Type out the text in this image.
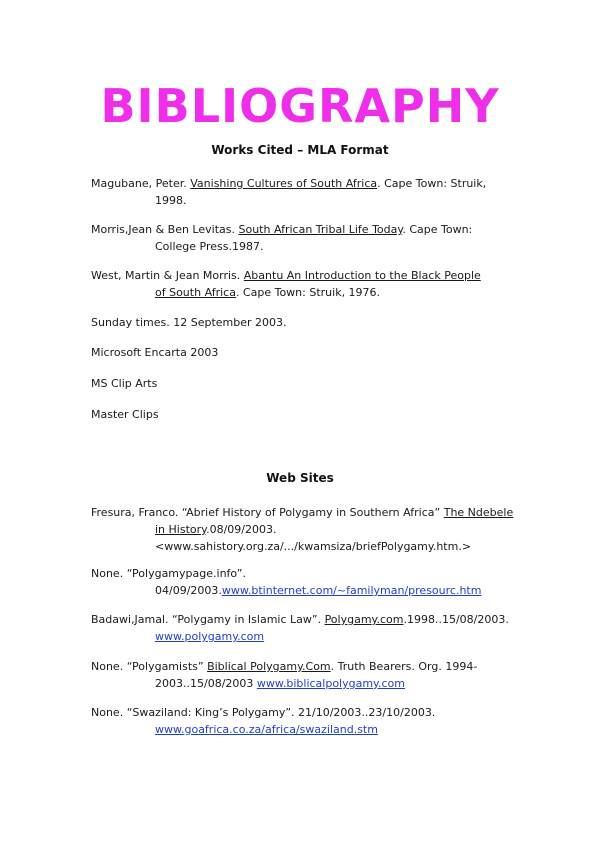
BIBLIOGRAPHY
Works Cited – MLA Format
Magubane, Peter. Vanishing Cultures of South Africa. Cape Town: Struik,
1998.
Morris,Jean & Ben Levitas. South African Tribal Life Today. Cape Town:
College Press.1987.
West, Martin & Jean Morris. Abantu An Introduction to the Black People
of South Africa. Cape Town: Struik, 1976.
Sunday times. 12 September 2003.
Microsoft Encarta 2003
MS Clip Arts
Master Clips
Web Sites
Fresura, Franco. “Abrief History of Polygamy in Southern Africa” The Ndebele
in History.08/09/2003.
<www.sahistory.org.za/.../kwamsiza/briefPolygamy.htm.>
None. “Polygamypage.info”.
04/09/2003.www.btinternet.com/~familyman/presourc.htm
Badawi,Jamal. “Polygamy in Islamic Law”. Polygamy.com.1998..15/08/2003.
www.polygamy.com
None. “Polygamists” Biblical Polygamy.Com. Truth Bearers. Org. 1994-
2003..15/08/2003 www.biblicalpolygamy.com
None. “Swaziland: King’s Polygamy”. 21/10/2003..23/10/2003.
www.goafrica.co.za/africa/swaziland.stm
